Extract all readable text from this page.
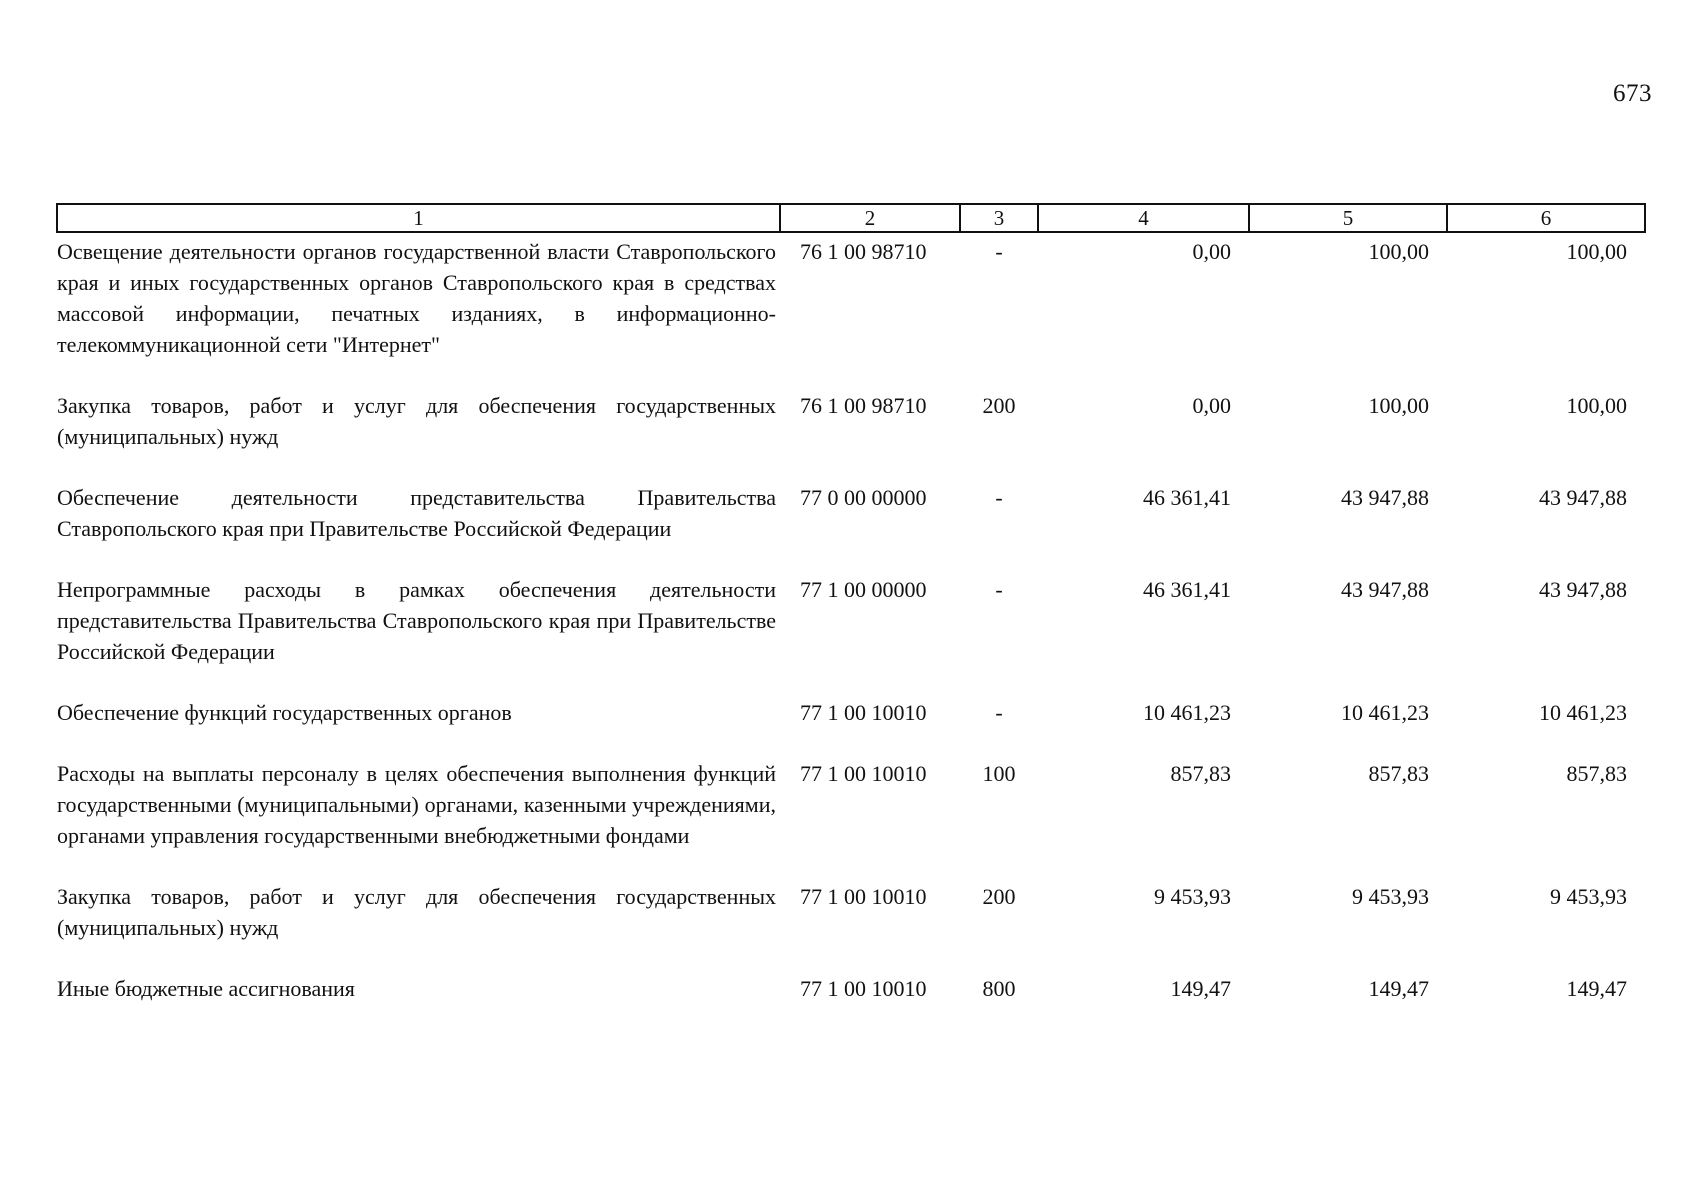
673
1	2	3	4	5	6
Освещение деятельности органов государственной власти Ставропольского края и иных государственных органов Ставропольского края в средствах массовой информации, печатных изданиях, в информационно-телекоммуникационной сети "Интернет"	76 1 00 98710	-	0,00	100,00	100,00
Закупка товаров, работ и услуг для обеспечения государственных (муниципальных) нужд	76 1 00 98710	200	0,00	100,00	100,00
Обеспечение деятельности представительства Правительства Ставропольского края при Правительстве Российской Федерации	77 0 00 00000	-	46 361,41	43 947,88	43 947,88
Непрограммные расходы в рамках обеспечения деятельности представительства Правительства Ставропольского края при Правительстве Российской Федерации	77 1 00 00000	-	46 361,41	43 947,88	43 947,88
Обеспечение функций государственных органов	77 1 00 10010	-	10 461,23	10 461,23	10 461,23
Расходы на выплаты персоналу в целях обеспечения выполнения функций государственными (муниципальными) органами, казенными учреждениями, органами управления государственными внебюджетными фондами	77 1 00 10010	100	857,83	857,83	857,83
Закупка товаров, работ и услуг для обеспечения государственных (муниципальных) нужд	77 1 00 10010	200	9 453,93	9 453,93	9 453,93
Иные бюджетные ассигнования	77 1 00 10010	800	149,47	149,47	149,47
